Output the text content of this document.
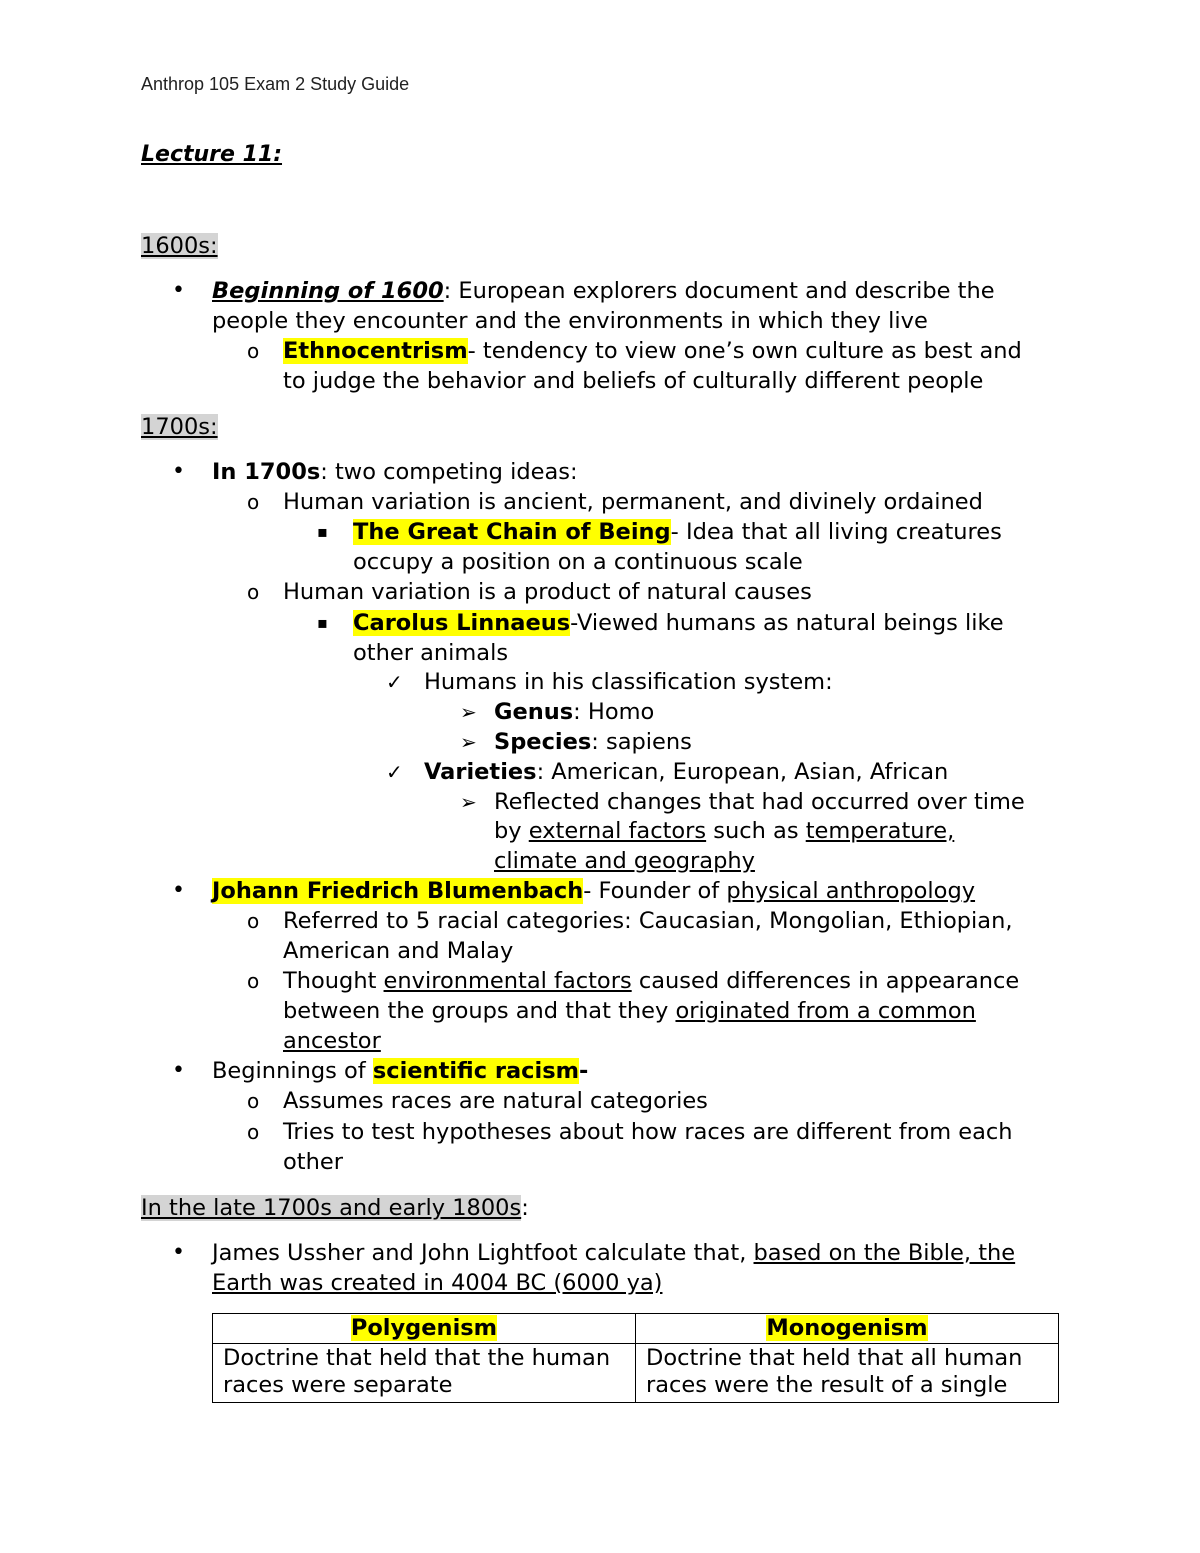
Anthrop 105 Exam 2 Study Guide
Lecture 11:
1600s:
• Beginning of 1600: European explorers document and describe the
people they encounter and the environments in which they live
o Ethnocentrism- tendency to view one’s own culture as best and
to judge the behavior and beliefs of culturally different people
1700s:
• In 1700s: two competing ideas:
o Human variation is ancient, permanent, and divinely ordained
▪ The Great Chain of Being- Idea that all living creatures
occupy a position on a continuous scale
o Human variation is a product of natural causes
▪ Carolus Linnaeus-Viewed humans as natural beings like
other animals
✓ Humans in his classification system:
➢ Genus: Homo
➢ Species: sapiens
✓ Varieties: American, European, Asian, African
➢ Reflected changes that had occurred over time
by external factors such as temperature,
climate and geography
• Johann Friedrich Blumenbach- Founder of physical anthropology
o Referred to 5 racial categories: Caucasian, Mongolian, Ethiopian,
American and Malay
o Thought environmental factors caused differences in appearance
between the groups and that they originated from a common
ancestor
• Beginnings of scientific racism-
o Assumes races are natural categories
o Tries to test hypotheses about how races are different from each
other
In the late 1700s and early 1800s:
• James Ussher and John Lightfoot calculate that, based on the Bible, the
Earth was created in 4004 BC (6000 ya)
Polygenism	Monogenism
Doctrine that held that the human races were separate	Doctrine that held that all human races were the result of a single
